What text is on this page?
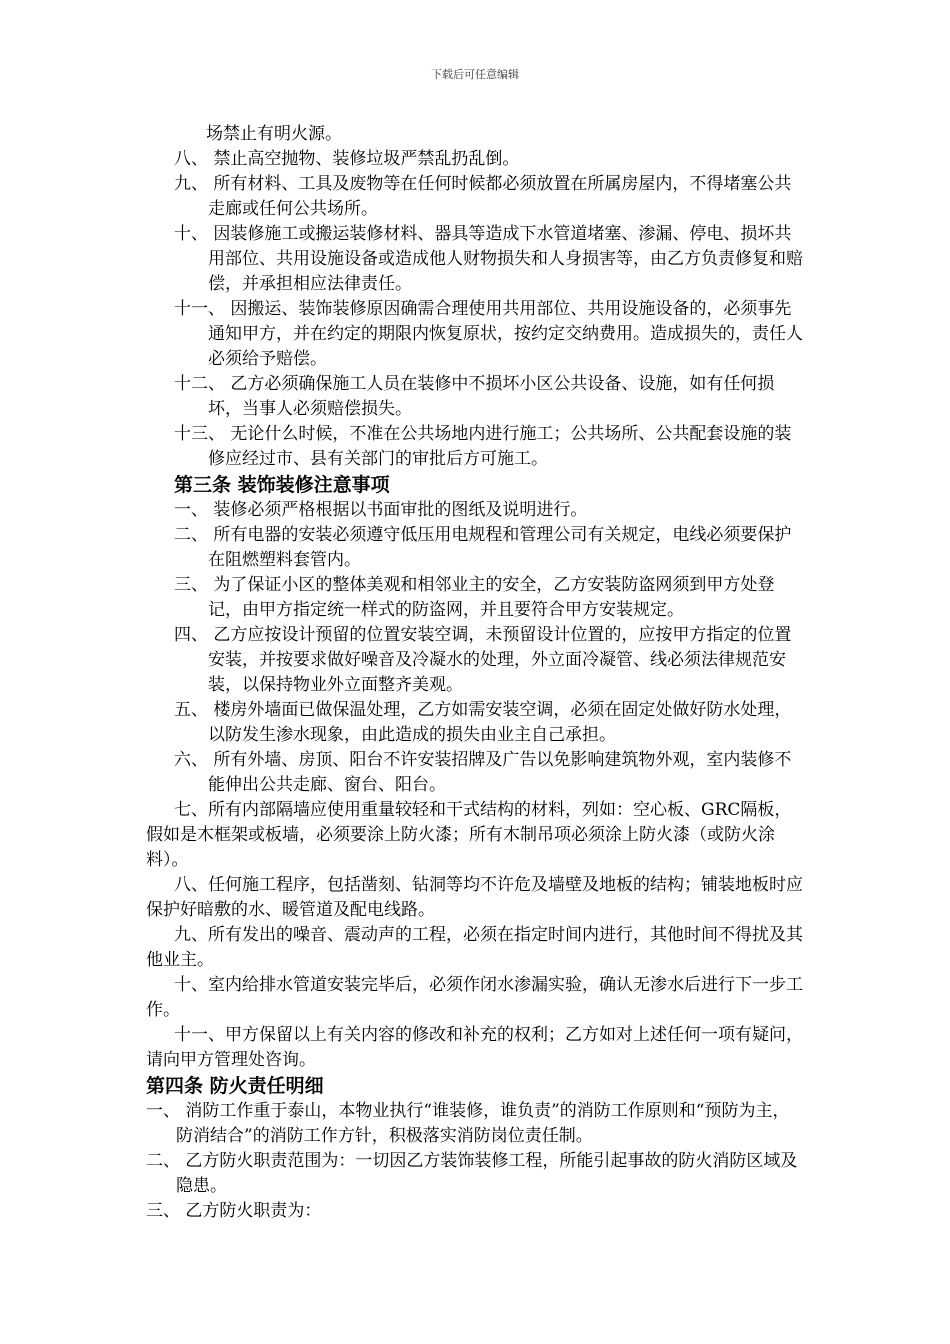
下载后可任意编辑
场禁止有明火源。
八、 禁止高空抛物、装修垃圾严禁乱扔乱倒。
九、 所有材料、工具及废物等在任何时候都必须放置在所属房屋内，不得堵塞公共走廊或任何公共场所。
十、 因装修施工或搬运装修材料、器具等造成下水管道堵塞、渗漏、停电、损坏共用部位、共用设施设备或造成他人财物损失和人身损害等，由乙方负责修复和赔偿，并承担相应法律责任。
十一、 因搬运、装饰装修原因确需合理使用共用部位、共用设施设备的，必须事先通知甲方，并在约定的期限内恢复原状，按约定交纳费用。造成损失的，责任人必须给予赔偿。
十二、 乙方必须确保施工人员在装修中不损坏小区公共设备、设施，如有任何损坏，当事人必须赔偿损失。
十三、 无论什么时候，不准在公共场地内进行施工；公共场所、公共配套设施的装修应经过市、县有关部门的审批后方可施工。
第三条 装饰装修注意事项
一、 装修必须严格根据以书面审批的图纸及说明进行。
二、 所有电器的安装必须遵守低压用电规程和管理公司有关规定，电线必须要保护在阻燃塑料套管内。
三、 为了保证小区的整体美观和相邻业主的安全，乙方安装防盗网须到甲方处登记，由甲方指定统一样式的防盗网，并且要符合甲方安装规定。
四、 乙方应按设计预留的位置安装空调，未预留设计位置的，应按甲方指定的位置安装，并按要求做好噪音及冷凝水的处理，外立面冷凝管、线必须法律规范安装，以保持物业外立面整齐美观。
五、 楼房外墙面已做保温处理，乙方如需安装空调，必须在固定处做好防水处理，以防发生渗水现象，由此造成的损失由业主自己承担。
六、 所有外墙、房顶、阳台不许安装招牌及广告以免影响建筑物外观，室内装修不能伸出公共走廊、窗台、阳台。
七、所有内部隔墙应使用重量较轻和干式结构的材料，列如：空心板、GRC隔板， 假如是木框架或板墙，必须要涂上防火漆；所有木制吊项必须涂上防火漆（或防火涂料）。
八、任何施工程序，包括凿刻、钻洞等均不许危及墙壁及地板的结构；铺装地板时应保护好暗敷的水、暖管道及配电线路。
九、所有发出的噪音、震动声的工程，必须在指定时间内进行，其他时间不得扰及其他业主。
十、室内给排水管道安装完毕后，必须作闭水渗漏实验，确认无渗水后进行下一步工作。
十一、甲方保留以上有关内容的修改和补充的权利；乙方如对上述任何一项有疑问，请向甲方管理处咨询。
第四条 防火责任明细
一、 消防工作重于泰山，本物业执行“谁装修，谁负责”的消防工作原则和“预防为主，防消结合”的消防工作方针，积极落实消防岗位责任制。
二、 乙方防火职责范围为：一切因乙方装饰装修工程，所能引起事故的防火消防区域及隐患。
三、 乙方防火职责为：
